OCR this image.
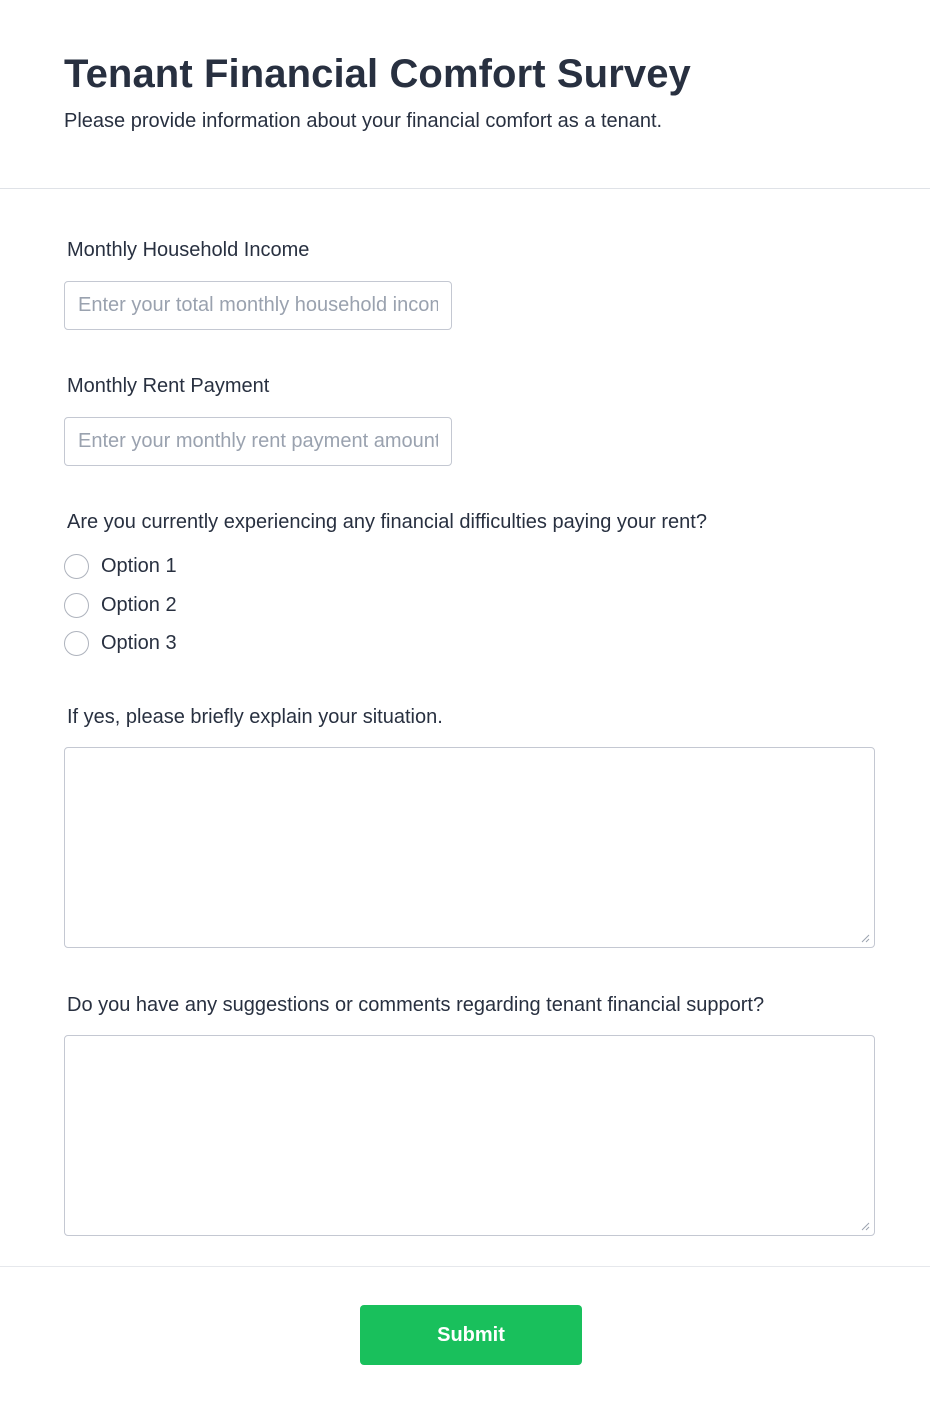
Tenant Financial Comfort Survey

Please provide information about your financial comfort as a tenant.

Monthly Household Income
Enter your total monthly household income
Monthly Rent Payment
Enter your monthly rent payment amount
Are you currently experiencing any financial difficulties paying your rent?
Option 1
Option 2
Option 3
If yes, please briefly explain your situation.
Do you have any suggestions or comments regarding tenant financial support?
Submit
